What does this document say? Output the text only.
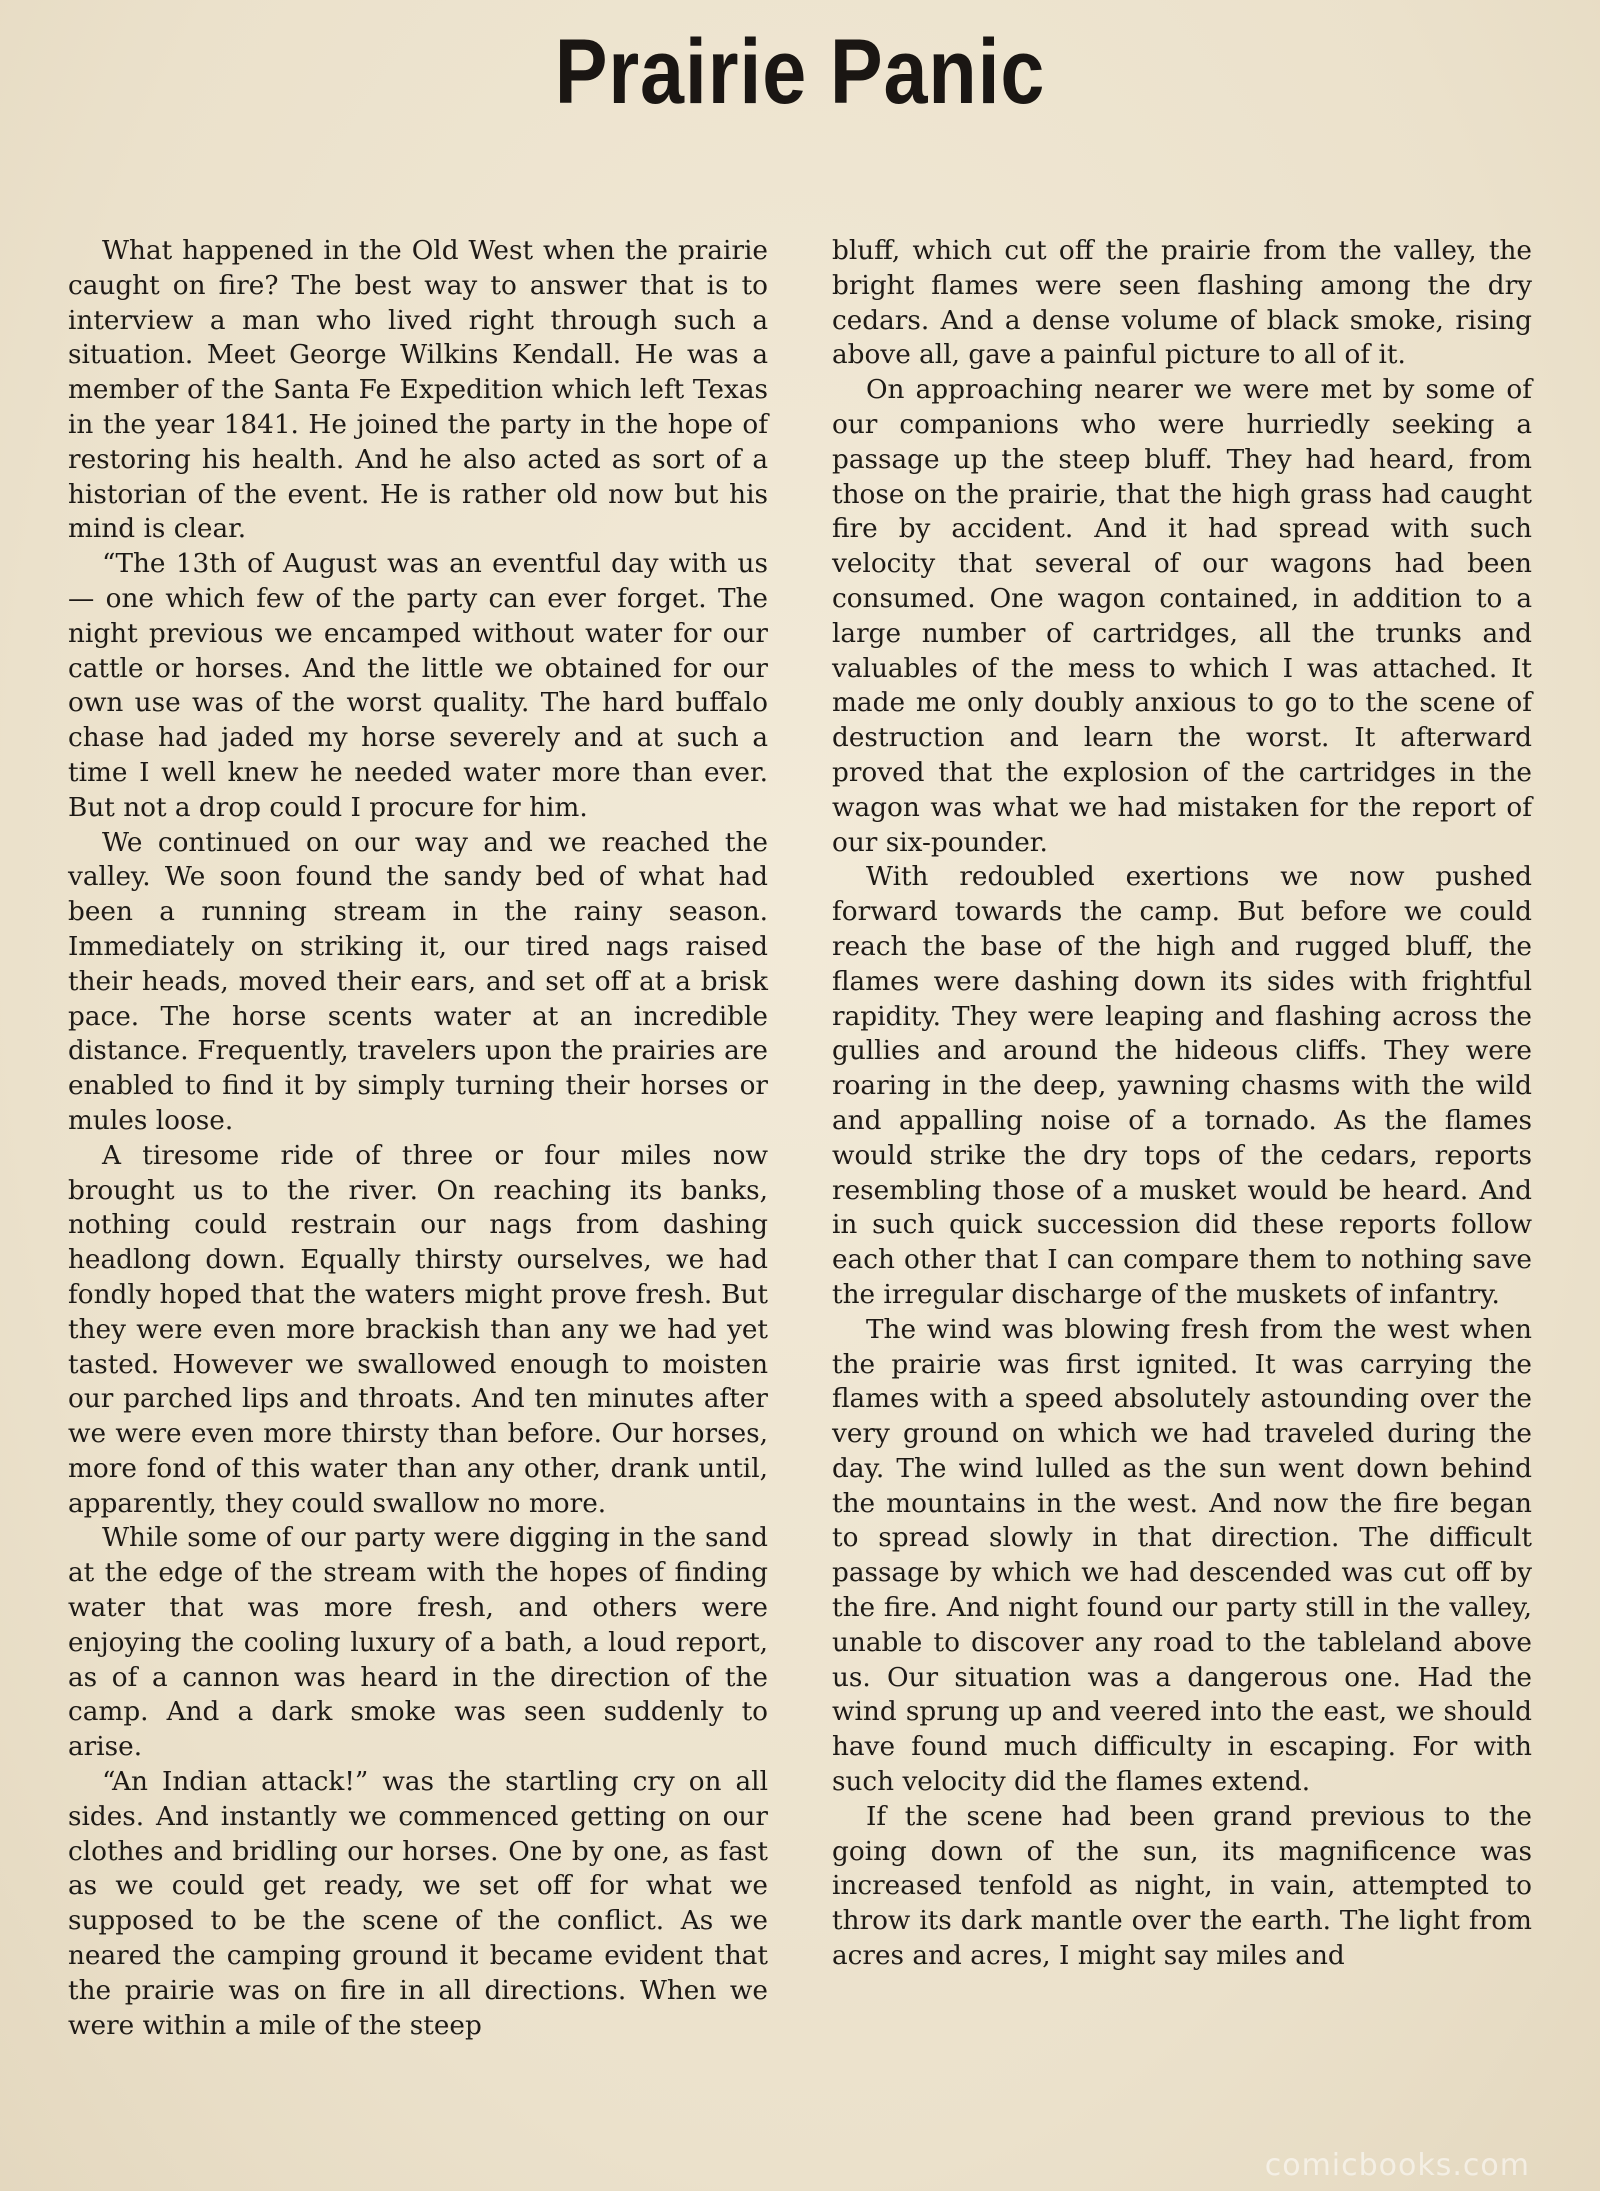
Prairie Panic

What happened in the Old West when the prairie caught on fire? The best way to answer that is to interview a man who lived right through such a situation. Meet George Wilkins Kendall. He was a member of the Santa Fe Expedition which left Texas in the year 1841. He joined the party in the hope of restoring his health. And he also acted as sort of a historian of the event. He is rather old now but his mind is clear.

“The 13th of August was an eventful day with us — one which few of the party can ever forget. The night previous we encamped without water for our cattle or horses. And the little we obtained for our own use was of the worst quality. The hard buffalo chase had jaded my horse severely and at such a time I well knew he needed water more than ever. But not a drop could I procure for him.

We continued on our way and we reached the valley. We soon found the sandy bed of what had been a running stream in the rainy season. Immediately on striking it, our tired nags raised their heads, moved their ears, and set off at a brisk pace. The horse scents water at an incredible distance. Frequently, travelers upon the prairies are enabled to find it by simply turning their horses or mules loose.

A tiresome ride of three or four miles now brought us to the river. On reaching its banks, nothing could restrain our nags from dashing headlong down. Equally thirsty ourselves, we had fondly hoped that the waters might prove fresh. But they were even more brackish than any we had yet tasted. However we swallowed enough to moisten our parched lips and throats. And ten minutes after we were even more thirsty than before. Our horses, more fond of this water than any other, drank until, apparently, they could swallow no more.

While some of our party were digging in the sand at the edge of the stream with the hopes of finding water that was more fresh, and others were enjoying the cooling luxury of a bath, a loud report, as of a cannon was heard in the direction of the camp. And a dark smoke was seen suddenly to arise.

“An Indian attack!” was the startling cry on all sides. And instantly we commenced getting on our clothes and bridling our horses. One by one, as fast as we could get ready, we set off for what we supposed to be the scene of the conflict. As we neared the camping ground it became evident that the prairie was on fire in all directions. When we were within a mile of the steep

bluff, which cut off the prairie from the valley, the bright flames were seen flashing among the dry cedars. And a dense volume of black smoke, rising above all, gave a painful picture to all of it.

On approaching nearer we were met by some of our companions who were hurriedly seeking a passage up the steep bluff. They had heard, from those on the prairie, that the high grass had caught fire by accident. And it had spread with such velocity that several of our wagons had been consumed. One wagon contained, in addition to a large number of cartridges, all the trunks and valuables of the mess to which I was attached. It made me only doubly anxious to go to the scene of destruction and learn the worst. It afterward proved that the explosion of the cartridges in the wagon was what we had mistaken for the report of our six-pounder.

With redoubled exertions we now pushed forward towards the camp. But before we could reach the base of the high and rugged bluff, the flames were dashing down its sides with frightful rapidity. They were leaping and flashing across the gullies and around the hideous cliffs. They were roaring in the deep, yawning chasms with the wild and appalling noise of a tornado. As the flames would strike the dry tops of the cedars, reports resembling those of a musket would be heard. And in such quick succession did these reports follow each other that I can compare them to nothing save the irregular discharge of the muskets of infantry.

The wind was blowing fresh from the west when the prairie was first ignited. It was carrying the flames with a speed absolutely astounding over the very ground on which we had traveled during the day. The wind lulled as the sun went down behind the mountains in the west. And now the fire began to spread slowly in that direction. The difficult passage by which we had descended was cut off by the fire. And night found our party still in the valley, unable to discover any road to the tableland above us. Our situation was a dangerous one. Had the wind sprung up and veered into the east, we should have found much difficulty in escaping. For with such velocity did the flames extend.

If the scene had been grand previous to the going down of the sun, its magnificence was increased tenfold as night, in vain, attempted to throw its dark mantle over the earth. The light from acres and acres, I might say miles and

comicbooks.com
